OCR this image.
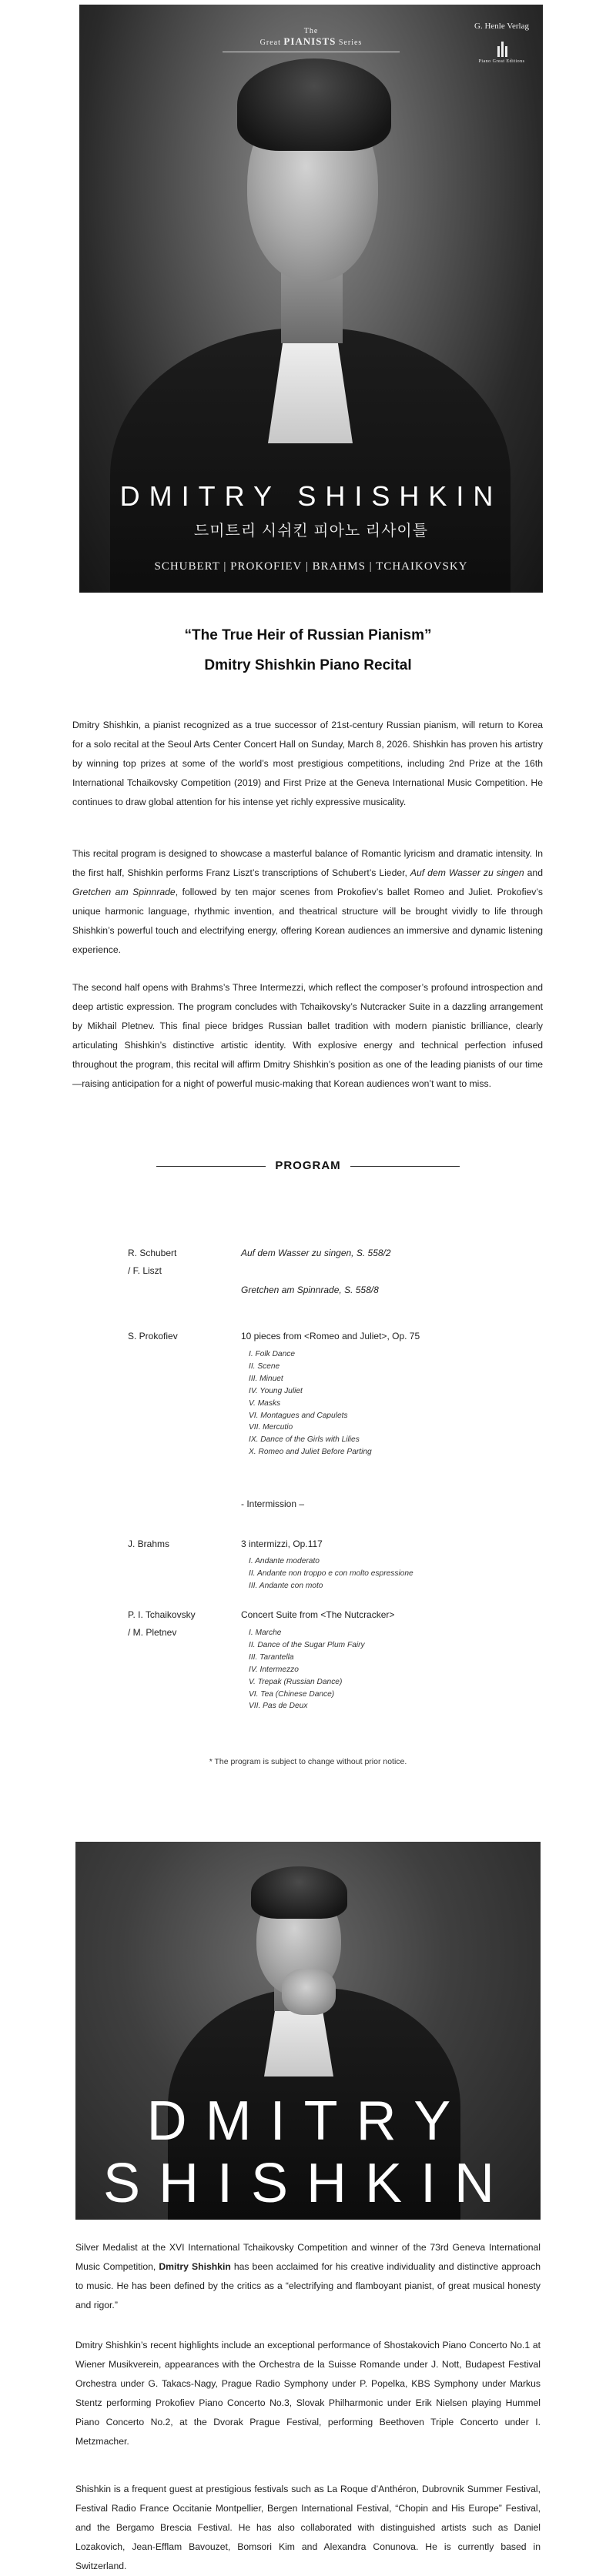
The
Great PIANISTS Series
G. Henle Verlag
Piano Great Editions
DMITRY SHISHKIN
드미트리 시쉬킨 피아노 리사이틀
SCHUBERT | PROKOFIEV | BRAHMS | TCHAIKOVSKY
“The True Heir of Russian Pianism”
Dmitry Shishkin Piano Recital

Dmitry Shishkin, a pianist recognized as a true successor of 21st-century Russian pianism, will return to Korea for a solo recital at the Seoul Arts Center Concert Hall on Sunday, March 8, 2026. Shishkin has proven his artistry by winning top prizes at some of the world’s most prestigious competitions, including 2nd Prize at the 16th International Tchaikovsky Competition (2019) and First Prize at the Geneva International Music Competition. He continues to draw global attention for his intense yet richly expressive musicality.

This recital program is designed to showcase a masterful balance of Romantic lyricism and dramatic intensity. In the first half, Shishkin performs Franz Liszt’s transcriptions of Schubert’s Lieder, Auf dem Wasser zu singen and Gretchen am Spinnrade, followed by ten major scenes from Prokofiev’s ballet Romeo and Juliet. Prokofiev’s unique harmonic language, rhythmic invention, and theatrical structure will be brought vividly to life through Shishkin’s powerful touch and electrifying energy, offering Korean audiences an immersive and dynamic listening experience.

The second half opens with Brahms’s Three Intermezzi, which reflect the composer’s profound introspection and deep artistic expression. The program concludes with Tchaikovsky’s Nutcracker Suite in a dazzling arrangement by Mikhail Pletnev. This final piece bridges Russian ballet tradition with modern pianistic brilliance, clearly articulating Shishkin’s distinctive artistic identity. With explosive energy and technical perfection infused throughout the program, this recital will affirm Dmitry Shishkin’s position as one of the leading pianists of our time—raising anticipation for a night of powerful music-making that Korean audiences won’t want to miss.

PROGRAM
R. Schubert
/ F. Liszt
Auf dem Wasser zu singen, S. 558/2
Gretchen am Spinnrade, S. 558/8
S. Prokofiev	10 pieces from <Romeo and Juliet>, Op. 75
I. Folk Dance
II. Scene
III. Minuet
IV. Young Juliet
V. Masks
VI. Montagues and Capulets
VII. Mercutio
IX. Dance of the Girls with Lilies
X. Romeo and Juliet Before Parting
- Intermission –
J. Brahms	3 intermizzi, Op.117
I. Andante moderato
II. Andante non troppo e con molto espressione
III. Andante con moto
P. I. Tchaikovsky
/ M. Pletnev
Concert Suite from <The Nutcracker>
I. Marche
II. Dance of the Sugar Plum Fairy
III. Tarantella
IV. Intermezzo
V. Trepak (Russian Dance)
VI. Tea (Chinese Dance)
VII. Pas de Deux
* The program is subject to change without prior notice.
DMITRY
SHISHKIN

Silver Medalist at the XVI International Tchaikovsky Competition and winner of the 73rd Geneva International Music Competition, Dmitry Shishkin has been acclaimed for his creative individuality and distinctive approach to music. He has been defined by the critics as a “electrifying and flamboyant pianist, of great musical honesty and rigor.”

Dmitry Shishkin’s recent highlights include an exceptional performance of Shostakovich Piano Concerto No.1 at Wiener Musikverein, appearances with the Orchestra de la Suisse Romande under J. Nott, Budapest Festival Orchestra under G. Takacs-Nagy, Prague Radio Symphony under P. Popelka, KBS Symphony under Markus Stentz performing Prokofiev Piano Concerto No.3, Slovak Philharmonic under Erik Nielsen playing Hummel Piano Concerto No.2, at the Dvorak Prague Festival, performing Beethoven Triple Concerto under I. Metzmacher.

Shishkin is a frequent guest at prestigious festivals such as La Roque d’Anthéron, Dubrovnik Summer Festival, Festival Radio France Occitanie Montpellier, Bergen International Festival, “Chopin and His Europe” Festival, and the Bergamo Brescia Festival. He has also collaborated with distinguished artists such as Daniel Lozakovich, Jean-Efflam Bavouzet, Bomsori Kim and Alexandra Conunova. He is currently based in Switzerland.
